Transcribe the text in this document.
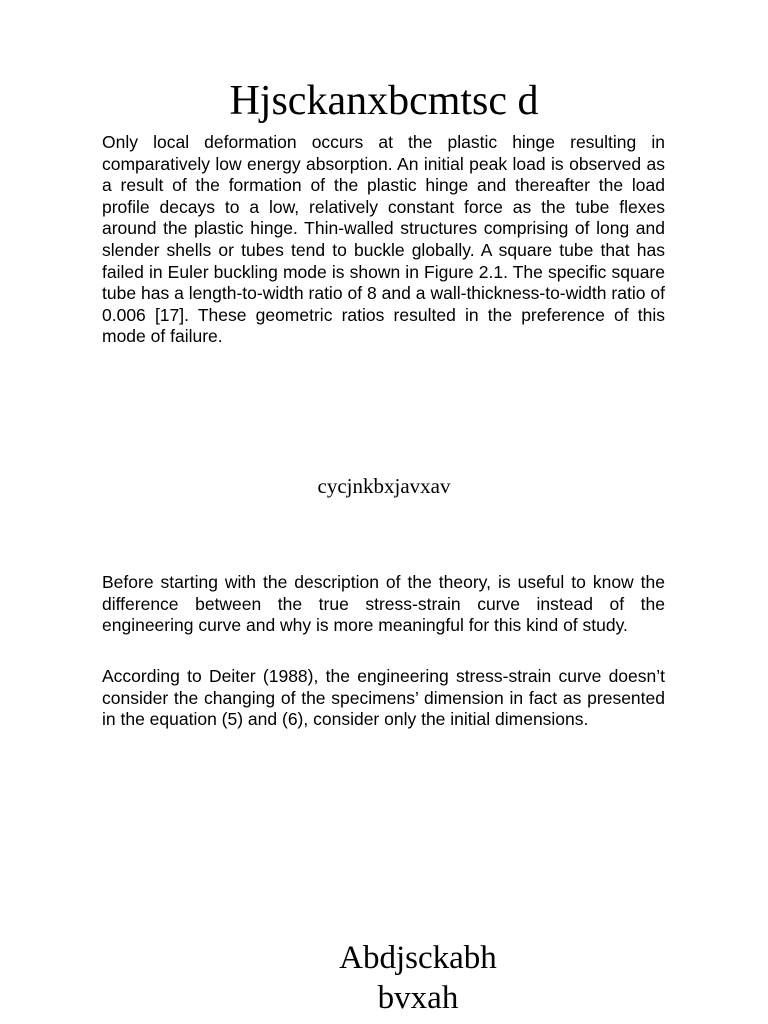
Hjsckanxbcmtsc d

Only local deformation occurs at the plastic hinge resulting in comparatively low energy absorption. An initial peak load is observed as a result of the formation of the plastic hinge and thereafter the load profile decays to a low, relatively constant force as the tube flexes around the plastic hinge. Thin-walled structures comprising of long and slender shells or tubes tend to buckle globally. A square tube that has failed in Euler buckling mode is shown in Figure 2.1. The specific square tube has a length-to-width ratio of 8 and a wall-thickness-to-width ratio of 0.006 [17]. These geometric ratios resulted in the preference of this mode of failure.

cycjnkbxjavxav

Before starting with the description of the theory, is useful to know the difference between the true stress-strain curve instead of the engineering curve and why is more meaningful for this kind of study.

According to Deiter (1988), the engineering stress-strain curve doesn’t consider the changing of the specimens’ dimension in fact as presented in the equation (5) and (6), consider only the initial dimensions.

Abdjsckabh
bvxah
